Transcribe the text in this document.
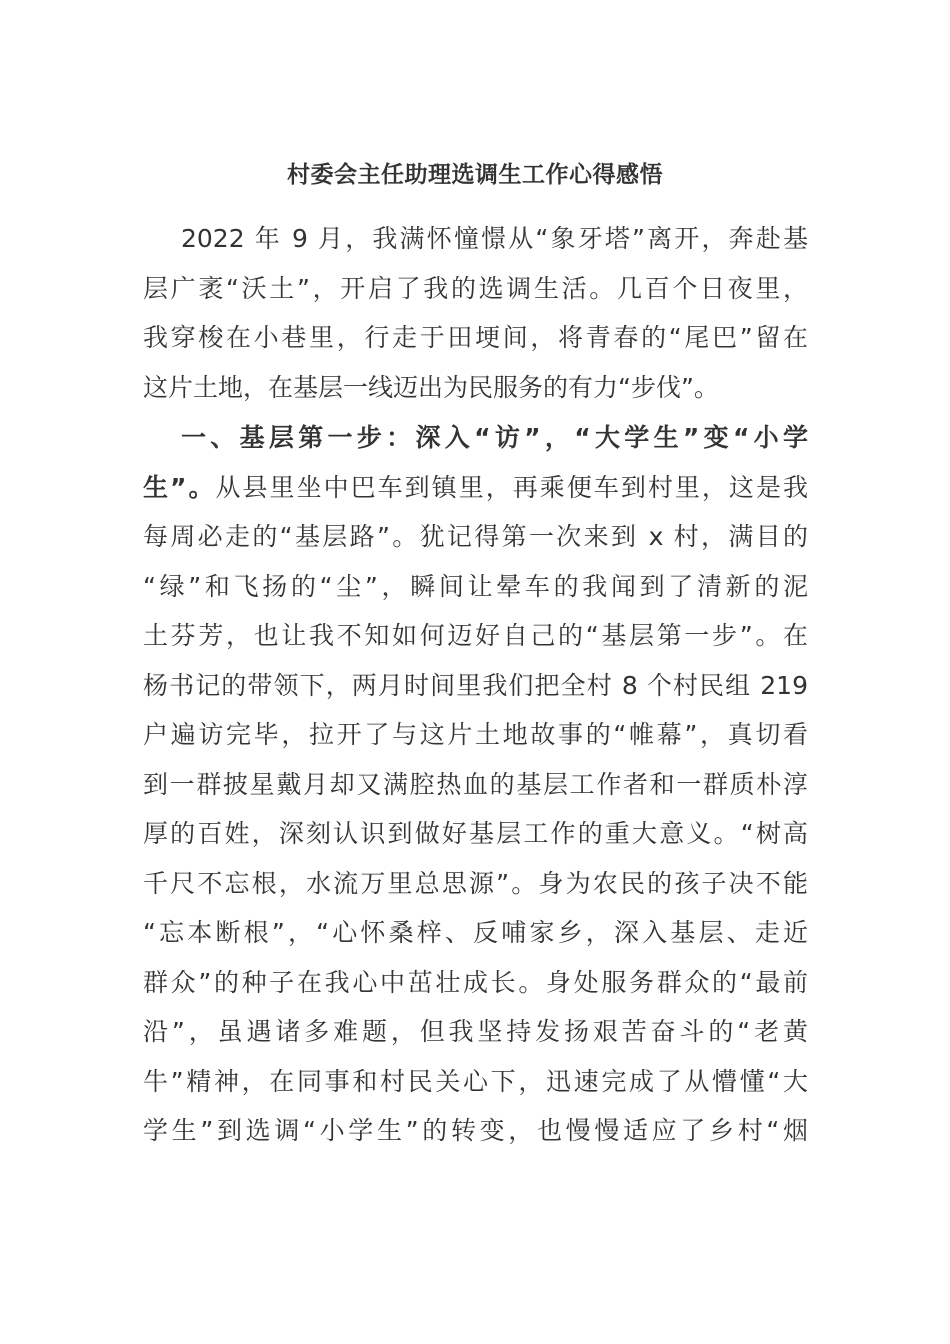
村委会主任助理选调生工作心得感悟
2022 年 9 月，我满怀憧憬从“象牙塔”离开，奔赴基
层广袤“沃土”，开启了我的选调生活。几百个日夜里，
我穿梭在小巷里，行走于田埂间，将青春的“尾巴”留在
这片土地，在基层一线迈出为民服务的有力“步伐”。
一、基层第一步：深入“访”，“大学生”变“小学
生”。从县里坐中巴车到镇里，再乘便车到村里，这是我
每周必走的“基层路”。犹记得第一次来到 x 村，满目的
“绿”和飞扬的“尘”，瞬间让晕车的我闻到了清新的泥
土芬芳，也让我不知如何迈好自己的“基层第一步”。在
杨书记的带领下，两月时间里我们把全村 8 个村民组 219
户遍访完毕，拉开了与这片土地故事的“帷幕”，真切看
到一群披星戴月却又满腔热血的基层工作者和一群质朴淳
厚的百姓，深刻认识到做好基层工作的重大意义。“树高
千尺不忘根，水流万里总思源”。身为农民的孩子决不能
“忘本断根”，“心怀桑梓、反哺家乡，深入基层、走近
群众”的种子在我心中茁壮成长。身处服务群众的“最前
沿”，虽遇诸多难题，但我坚持发扬艰苦奋斗的“老黄
牛”精神，在同事和村民关心下，迅速完成了从懵懂“大
学生”到选调“小学生”的转变，也慢慢适应了乡村“烟
